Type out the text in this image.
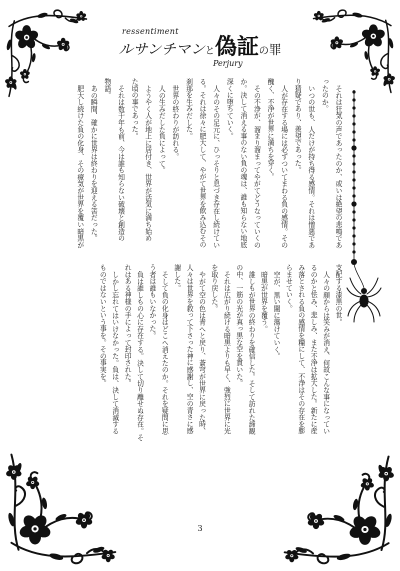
ressentiment
ルサンチマンと偽証の罪
Perjury
それは狂気の声であったのか、或いは絶望の悲鳴であ
ったのか。
いつの世も、人だけが持ち得る感情。それは憎悪であ
り猜疑であり、羨望であった。
人が存在する場には必ずついてまわる負の感情。その
醜く、不浄が世界に満ちを穿く。
その不浄が、溜まり溜まってやがてどうなっていくの
か。決して消える事のない負の魂は、誰も知らない地底
深くに堕ちていく。
人々のその足元に、ひっそりと息づき存在し続けてい
る。それは徐々に肥大して、やがて世界を飲み込むその
刹那を生みだした。
世界の終わりが訪れる。
人の生みだした負によって。
ようやく人が地上に居付き、世界が活気に満ち始め
た頃の事であった。
それは数千年も前、今は誰も知らない破壊と創造の
物語。
あの瞬間、確かに世界は終わりを迎える筈だった。
肥大し続けた負の化身、その瘴気が世界を覆い暗黒が
支配する漆黒の世。
人々の顔からは笑みが消え、何故こんな事になってい
るのかと怯み、悲しみ、また不浄は拡大した。新たに産
み落とされる負の感情を糧にして、不浄はその存在を膨
らませていく。
空が、黒い闇に蕩けていく。
暗黒が世界を覆う。
誰しもが世界の終わりを確信した。そして訪れた諦観
の中、一筋の光が真っ黒な空を貫いた。
それは広がり続ける暗黒よりも早く、強烈に世界に光
を取り戻した。
やがて空の色は青へと戻り、蒼穹が世界に戻った時、
人々は世界を救って下さった神に感謝し、空の青さに感
謝した。
そして負の化身はどこへ消えたのか。それを疑問に思
う者は誰もいなかった。
負は誰しもの心に存在する。決して切り離せぬ存在。そ
れはある神様の手によって封印された。
しかし忘れてはいけなかった。負は、決して消滅する
ものではないという事を。その事実を。
3
